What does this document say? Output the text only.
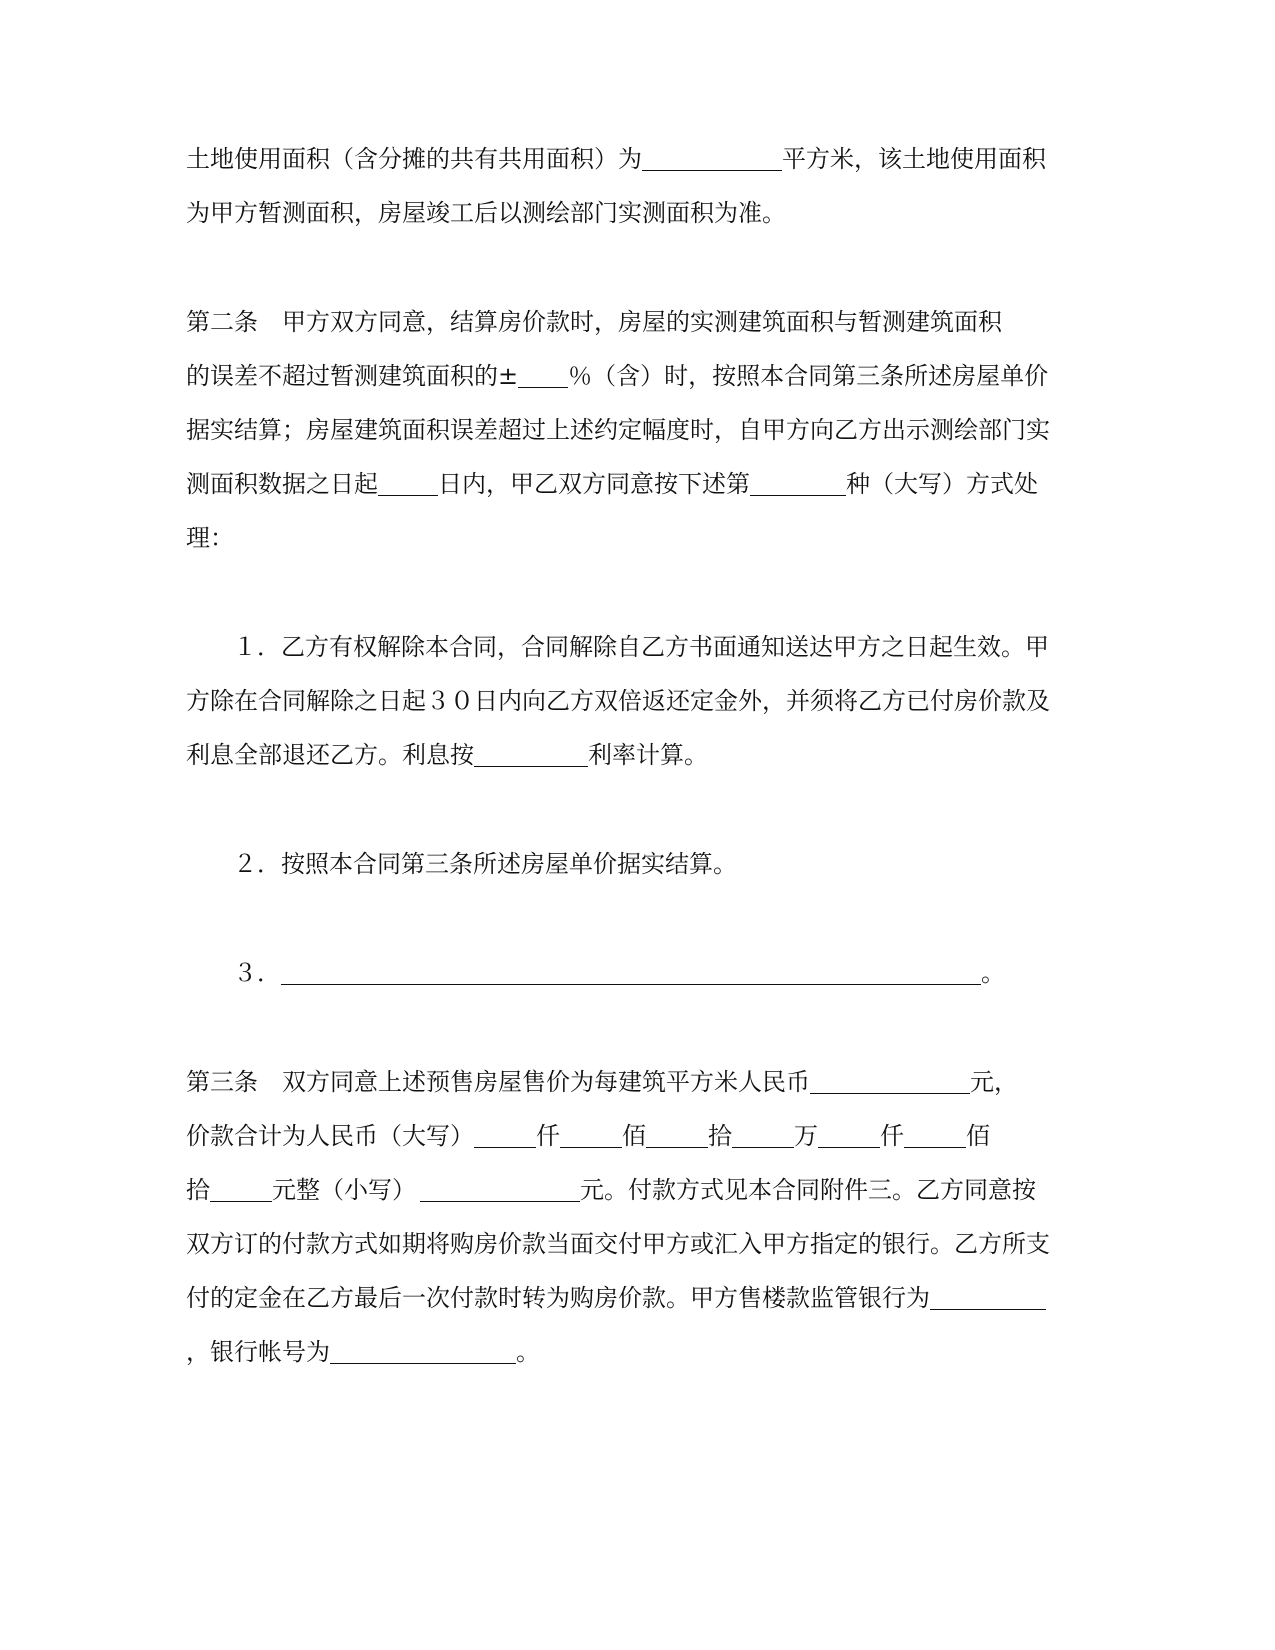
土地使用面积（含分摊的共有共用面积）为	平方米，该土地使用面积
为甲方暂测面积，房屋竣工后以测绘部门实测面积为准。
第二条　甲方双方同意，结算房价款时，房屋的实测建筑面积与暂测建筑面积
的误差不超过暂测建筑面积的± ％（含）时，按照本合同第三条所述房屋单价
据实结算；房屋建筑面积误差超过上述约定幅度时，自甲方向乙方出示测绘部门实
测面积数据之日起	日内，甲乙双方同意按下述第	种（大写）方式处
理：
１．乙方有权解除本合同，合同解除自乙方书面通知送达甲方之日起生效。甲
方除在合同解除之日起３０日内向乙方双倍返还定金外，并须将乙方已付房价款及
利息全部退还乙方。利息按	利率计算。
２．按照本合同第三条所述房屋单价据实结算。
３．	。
第三条　双方同意上述预售房屋售价为每建筑平方米人民币	元，
价款合计为人民币（大写）	仟	佰	拾	万	仟	佰
拾	元整（小写）	元。付款方式见本合同附件三。乙方同意按
双方订的付款方式如期将购房价款当面交付甲方或汇入甲方指定的银行。乙方所支
付的定金在乙方最后一次付款时转为购房价款。甲方售楼款监管银行为
，银行帐号为	。
